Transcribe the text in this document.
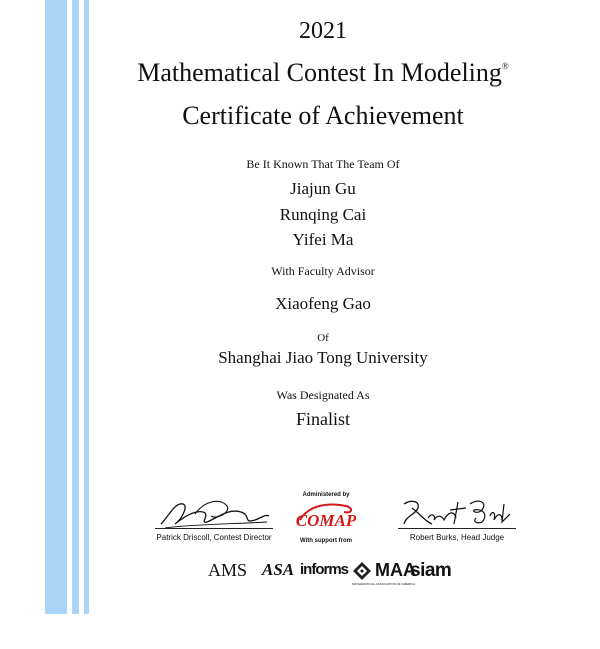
2021
Mathematical Contest In Modeling®
Certificate of Achievement
Be It Known That The Team Of
Jiajun Gu
Runqing Cai
Yifei Ma
With Faculty Advisor
Xiaofeng Gao
Of
Shanghai Jiao Tong University
Was Designated As
Finalist
Patrick Driscoll, Contest Director	Robert Burks, Head Judge
Administered by
COMAP
With support from
AMS ASA informs MAA
MATHEMATICAL ASSOCIATION OF AMERICA
siam
